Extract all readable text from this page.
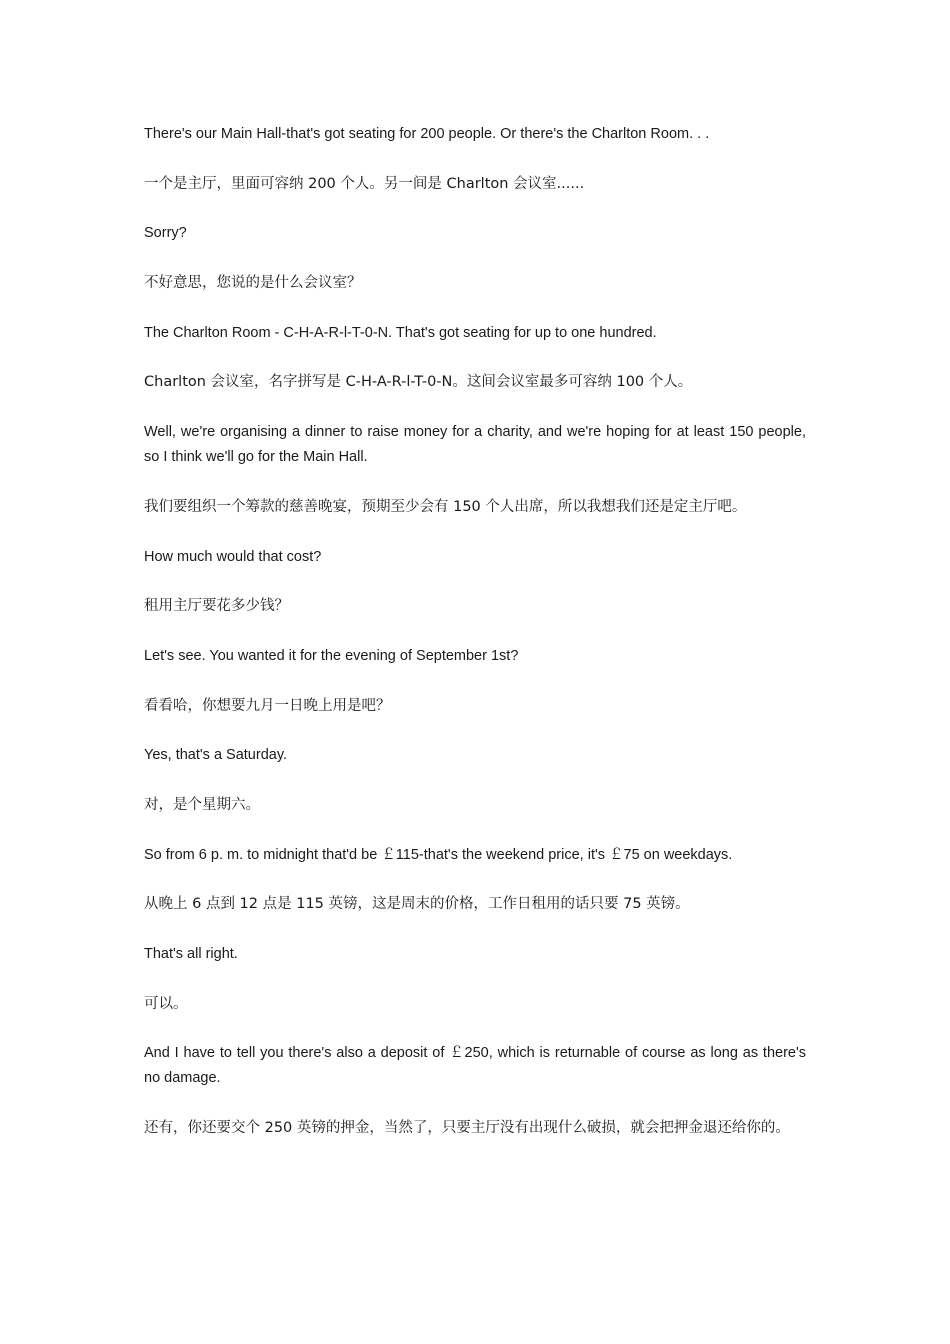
There's our Main Hall-that's got seating for 200 people. Or there's the Charlton Room. . .

一个是主厅，里面可容纳 200 个人。另一间是 Charlton 会议室......

Sorry?

不好意思，您说的是什么会议室？

The Charlton Room - C-H-A-R-l-T-0-N. That's got seating for up to one hundred.

Charlton 会议室，名字拼写是 C-H-A-R-l-T-0-N。这间会议室最多可容纳 100 个人。

Well, we're organising a dinner to raise money for a charity, and we're hoping for at least 150 people, so I think we'll go for the Main Hall.

我们要组织一个筹款的慈善晚宴，预期至少会有 150 个人出席，所以我想我们还是定主厅吧。

How much would that cost?

租用主厅要花多少钱？

Let's see. You wanted it for the evening of September 1st?

看看哈，你想要九月一日晚上用是吧？

Yes, that's a Saturday.

对，是个星期六。

So from 6 p. m. to midnight that'd be ￡115-that's the weekend price, it's ￡75 on weekdays.

从晚上 6 点到 12 点是 115 英镑，这是周末的价格，工作日租用的话只要 75 英镑。

That's all right.

可以。

And I have to tell you there's also a deposit of ￡250, which is returnable of course as long as there's no damage.

还有，你还要交个 250 英镑的押金，当然了，只要主厅没有出现什么破损，就会把押金退还给你的。
